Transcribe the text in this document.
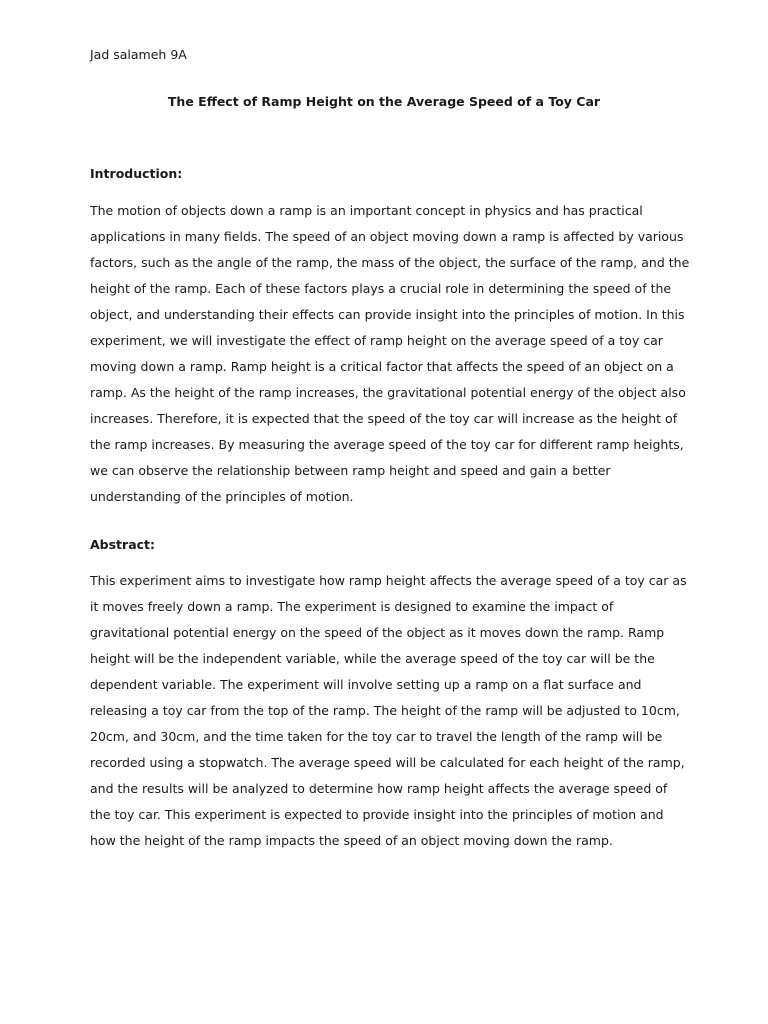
Jad salameh 9A

The Effect of Ramp Height on the Average Speed of a Toy Car

Introduction:

The motion of objects down a ramp is an important concept in physics and has practical applications in many fields. The speed of an object moving down a ramp is affected by various factors, such as the angle of the ramp, the mass of the object, the surface of the ramp, and the height of the ramp. Each of these factors plays a crucial role in determining the speed of the object, and understanding their effects can provide insight into the principles of motion. In this experiment, we will investigate the effect of ramp height on the average speed of a toy car moving down a ramp. Ramp height is a critical factor that affects the speed of an object on a ramp. As the height of the ramp increases, the gravitational potential energy of the object also increases. Therefore, it is expected that the speed of the toy car will increase as the height of the ramp increases. By measuring the average speed of the toy car for different ramp heights, we can observe the relationship between ramp height and speed and gain a better understanding of the principles of motion.

Abstract:

This experiment aims to investigate how ramp height affects the average speed of a toy car as it moves freely down a ramp. The experiment is designed to examine the impact of gravitational potential energy on the speed of the object as it moves down the ramp. Ramp height will be the independent variable, while the average speed of the toy car will be the dependent variable. The experiment will involve setting up a ramp on a flat surface and releasing a toy car from the top of the ramp. The height of the ramp will be adjusted to 10cm, 20cm, and 30cm, and the time taken for the toy car to travel the length of the ramp will be recorded using a stopwatch. The average speed will be calculated for each height of the ramp, and the results will be analyzed to determine how ramp height affects the average speed of the toy car. This experiment is expected to provide insight into the principles of motion and how the height of the ramp impacts the speed of an object moving down the ramp.
